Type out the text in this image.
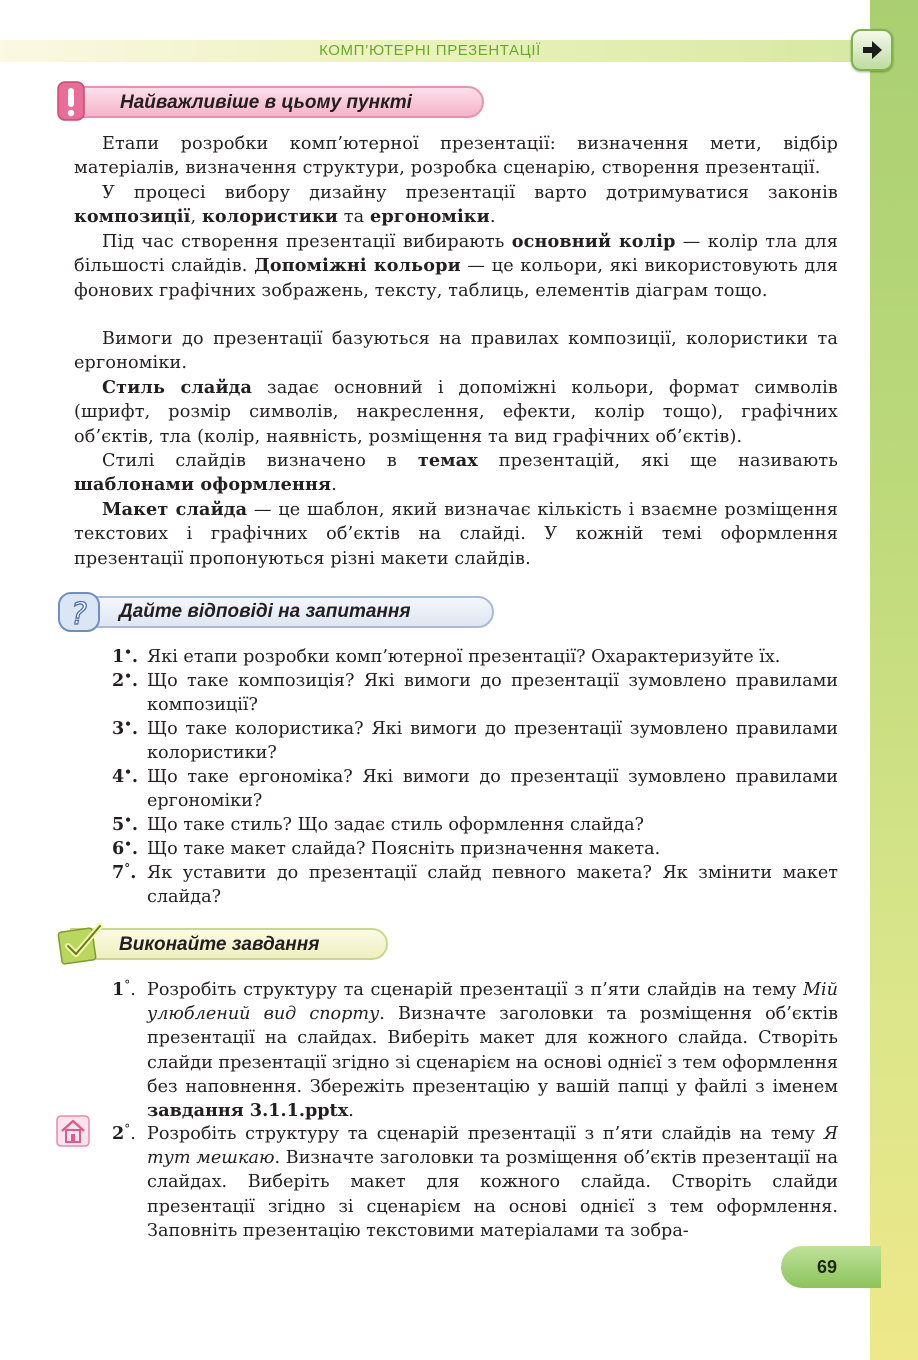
КОМП’ЮТЕРНІ ПРЕЗЕНТАЦІЇ
Найважливіше в цьому пункті
Етапи розробки комп’ютерної презентації: визначення мети, відбір матеріалів, визначення структури, розробка сценарію, створення презентації.
У процесі вибору дизайну презентації варто дотримуватися законів композиції, колористики та ергономіки.
Під час створення презентації вибирають основний колір — колір тла для більшості слайдів. Допоміжні кольори — це кольори, які використовують для фонових графічних зображень, тексту, таблиць, елементів діаграм тощо.
Вимоги до презентації базуються на правилах композиції, колористики та ергономіки.
Стиль слайда задає основний і допоміжні кольори, формат символів (шрифт, розмір символів, накреслення, ефекти, колір тощо), графічних об’єктів, тла (колір, наявність, розміщення та вид графічних об’єктів).
Стилі слайдів визначено в темах презентацій, які ще називають шаблонами оформлення.
Макет слайда — це шаблон, який визначає кількість і взаємне розміщення текстових і графічних об’єктів на слайді. У кожній темі оформлення презентації пропонуються різні макети слайдів.
? Дайте відповіді на запитання
1•. Які етапи розробки комп’ютерної презентації? Охарактеризуйте їх.
2•. Що таке композиція? Які вимоги до презентації зумовлено правилами композиції?
3•. Що таке колористика? Які вимоги до презентації зумовлено правилами колористики?
4•. Що таке ергономіка? Які вимоги до презентації зумовлено правилами ергономіки?
5•. Що таке стиль? Що задає стиль оформлення слайда?
6•. Що таке макет слайда? Поясніть призначення макета.
7°. Як уставити до презентації слайд певного макета? Як змінити макет слайда?
Виконайте завдання
1°. Розробіть структуру та сценарій презентації з п’яти слайдів на тему Мій улюблений вид спорту. Визначте заголовки та розміщення об’єктів презентації на слайдах. Виберіть макет для кожного слайда. Створіть слайди презентації згідно зі сценарієм на основі однієї з тем оформлення без наповнення. Збережіть презентацію у вашій папці у файлі з іменем завдання 3.1.1.pptx.
2°. Розробіть структуру та сценарій презентації з п’яти слайдів на тему Я тут мешкаю. Визначте заголовки та розміщення об’єктів презентації на слайдах. Виберіть макет для кожного слайда. Створіть слайди презентації згідно зі сценарієм на основі однієї з тем оформлення. Заповніть презентацію текстовими матеріалами та зобра-
69
